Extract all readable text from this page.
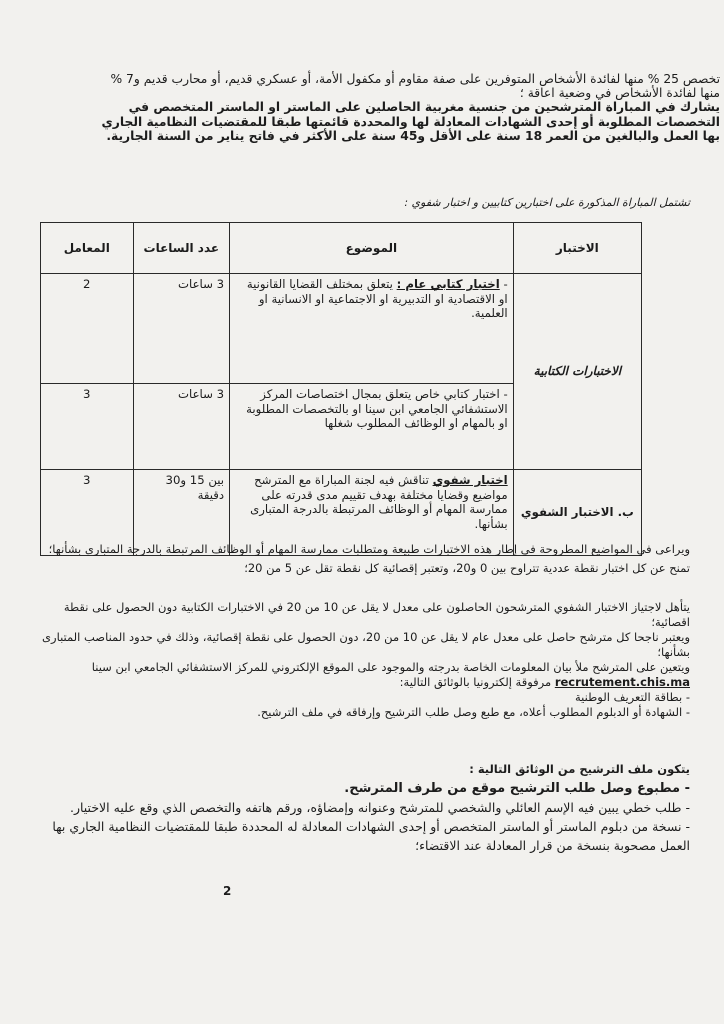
تخصص 25 % منها لفائدة الأشخاص المتوفرين على صفة مقاوم أو مكفول الأمة، أو عسكري قديم، أو محارب قديم و7 % منها لفائدة الأشخاص في وضعية اعاقة ؛

يشارك في المباراة المترشحين من جنسية مغربية الحاصلين على الماستر او الماستر المتخصص في التخصصات المطلوبة أو إحدى الشهادات المعادلة لها والمحددة قائمتها طبقا للمقتضيات النظامية الجاري بها العمل والبالغين من العمر 18 سنة على الأقل و45 سنة على الأكثر في فاتح يناير من السنة الجارية.

تشتمل المباراة المذكورة على اختبارين كتابيين و اختبار شفوي :
الاختبار	الموضوع	عدد الساعات	المعامل
الاختبارات الكتابية	- اختبار كتابي عام : يتعلق بمختلف القضايا القانونية او الاقتصادية او التدبيرية او الاجتماعية او الانسانية او العلمية.	3 ساعات	2
	- اختبار كتابي خاص يتعلق بمجال اختصاصات المركز الاستشفائي الجامعي ابن سينا او بالتخصصات المطلوبة او بالمهام او الوظائف المطلوب شغلها	3 ساعات	3
ب. الاختبار الشفوي	اختبار شفوي تناقش فيه لجنة المباراة مع المترشح مواضيع وقضايا مختلفة بهدف تقييم مدى قدرته على ممارسة المهام أو الوظائف المرتبطة بالدرجة المتبارى بشأنها.	بين 15 و30 دقيقة	3

ويراعى في المواضيع المطروحة في إطار هذه الاختبارات طبيعة ومتطلبات ممارسة المهام أو الوظائف المرتبطة بالدرجة المتبارى بشأنها؛

تمنح عن كل اختبار نقطة عددية تتراوح بين 0 و20، وتعتبر إقصائية كل نقطة تقل عن 5 من 20؛

يتأهل لاجتياز الاختبار الشفوي المترشحون الحاصلون على معدل لا يقل عن 10 من 20 في الاختبارات الكتابية دون الحصول على نقطة اقصائية؛

ويعتبر ناجحا كل مترشح حاصل على معدل عام لا يقل عن 10 من 20، دون الحصول على نقطة إقصائية، وذلك في حدود المناصب المتبارى بشأنها؛

ويتعين على المترشح ملأ بيان المعلومات الخاصة بدرجته والموجود على الموقع الإلكتروني للمركز الاستشفائي الجامعي ابن سينا recrutement.chis.ma مرفوقة إلكترونيا بالوثائق التالية:

- بطاقة التعريف الوطنية

- الشهادة أو الدبلوم المطلوب أعلاه، مع طبع وصل طلب الترشيح وإرفاقه في ملف الترشيح.

يتكون ملف الترشيح من الوثائق التالية :

- مطبوع وصل طلب الترشيح موقع من طرف المترشح.

- طلب خطي يبين فيه الإسم العائلي والشخصي للمترشح وعنوانه وإمضاؤه، ورقم هاتفه والتخصص الذي وقع عليه الاختيار.

- نسخة من دبلوم الماستر أو الماستر المتخصص أو إحدى الشهادات المعادلة له المحددة طبقا للمقتضيات النظامية الجاري بها العمل مصحوبة بنسخة من قرار المعادلة عند الاقتضاء؛

2
